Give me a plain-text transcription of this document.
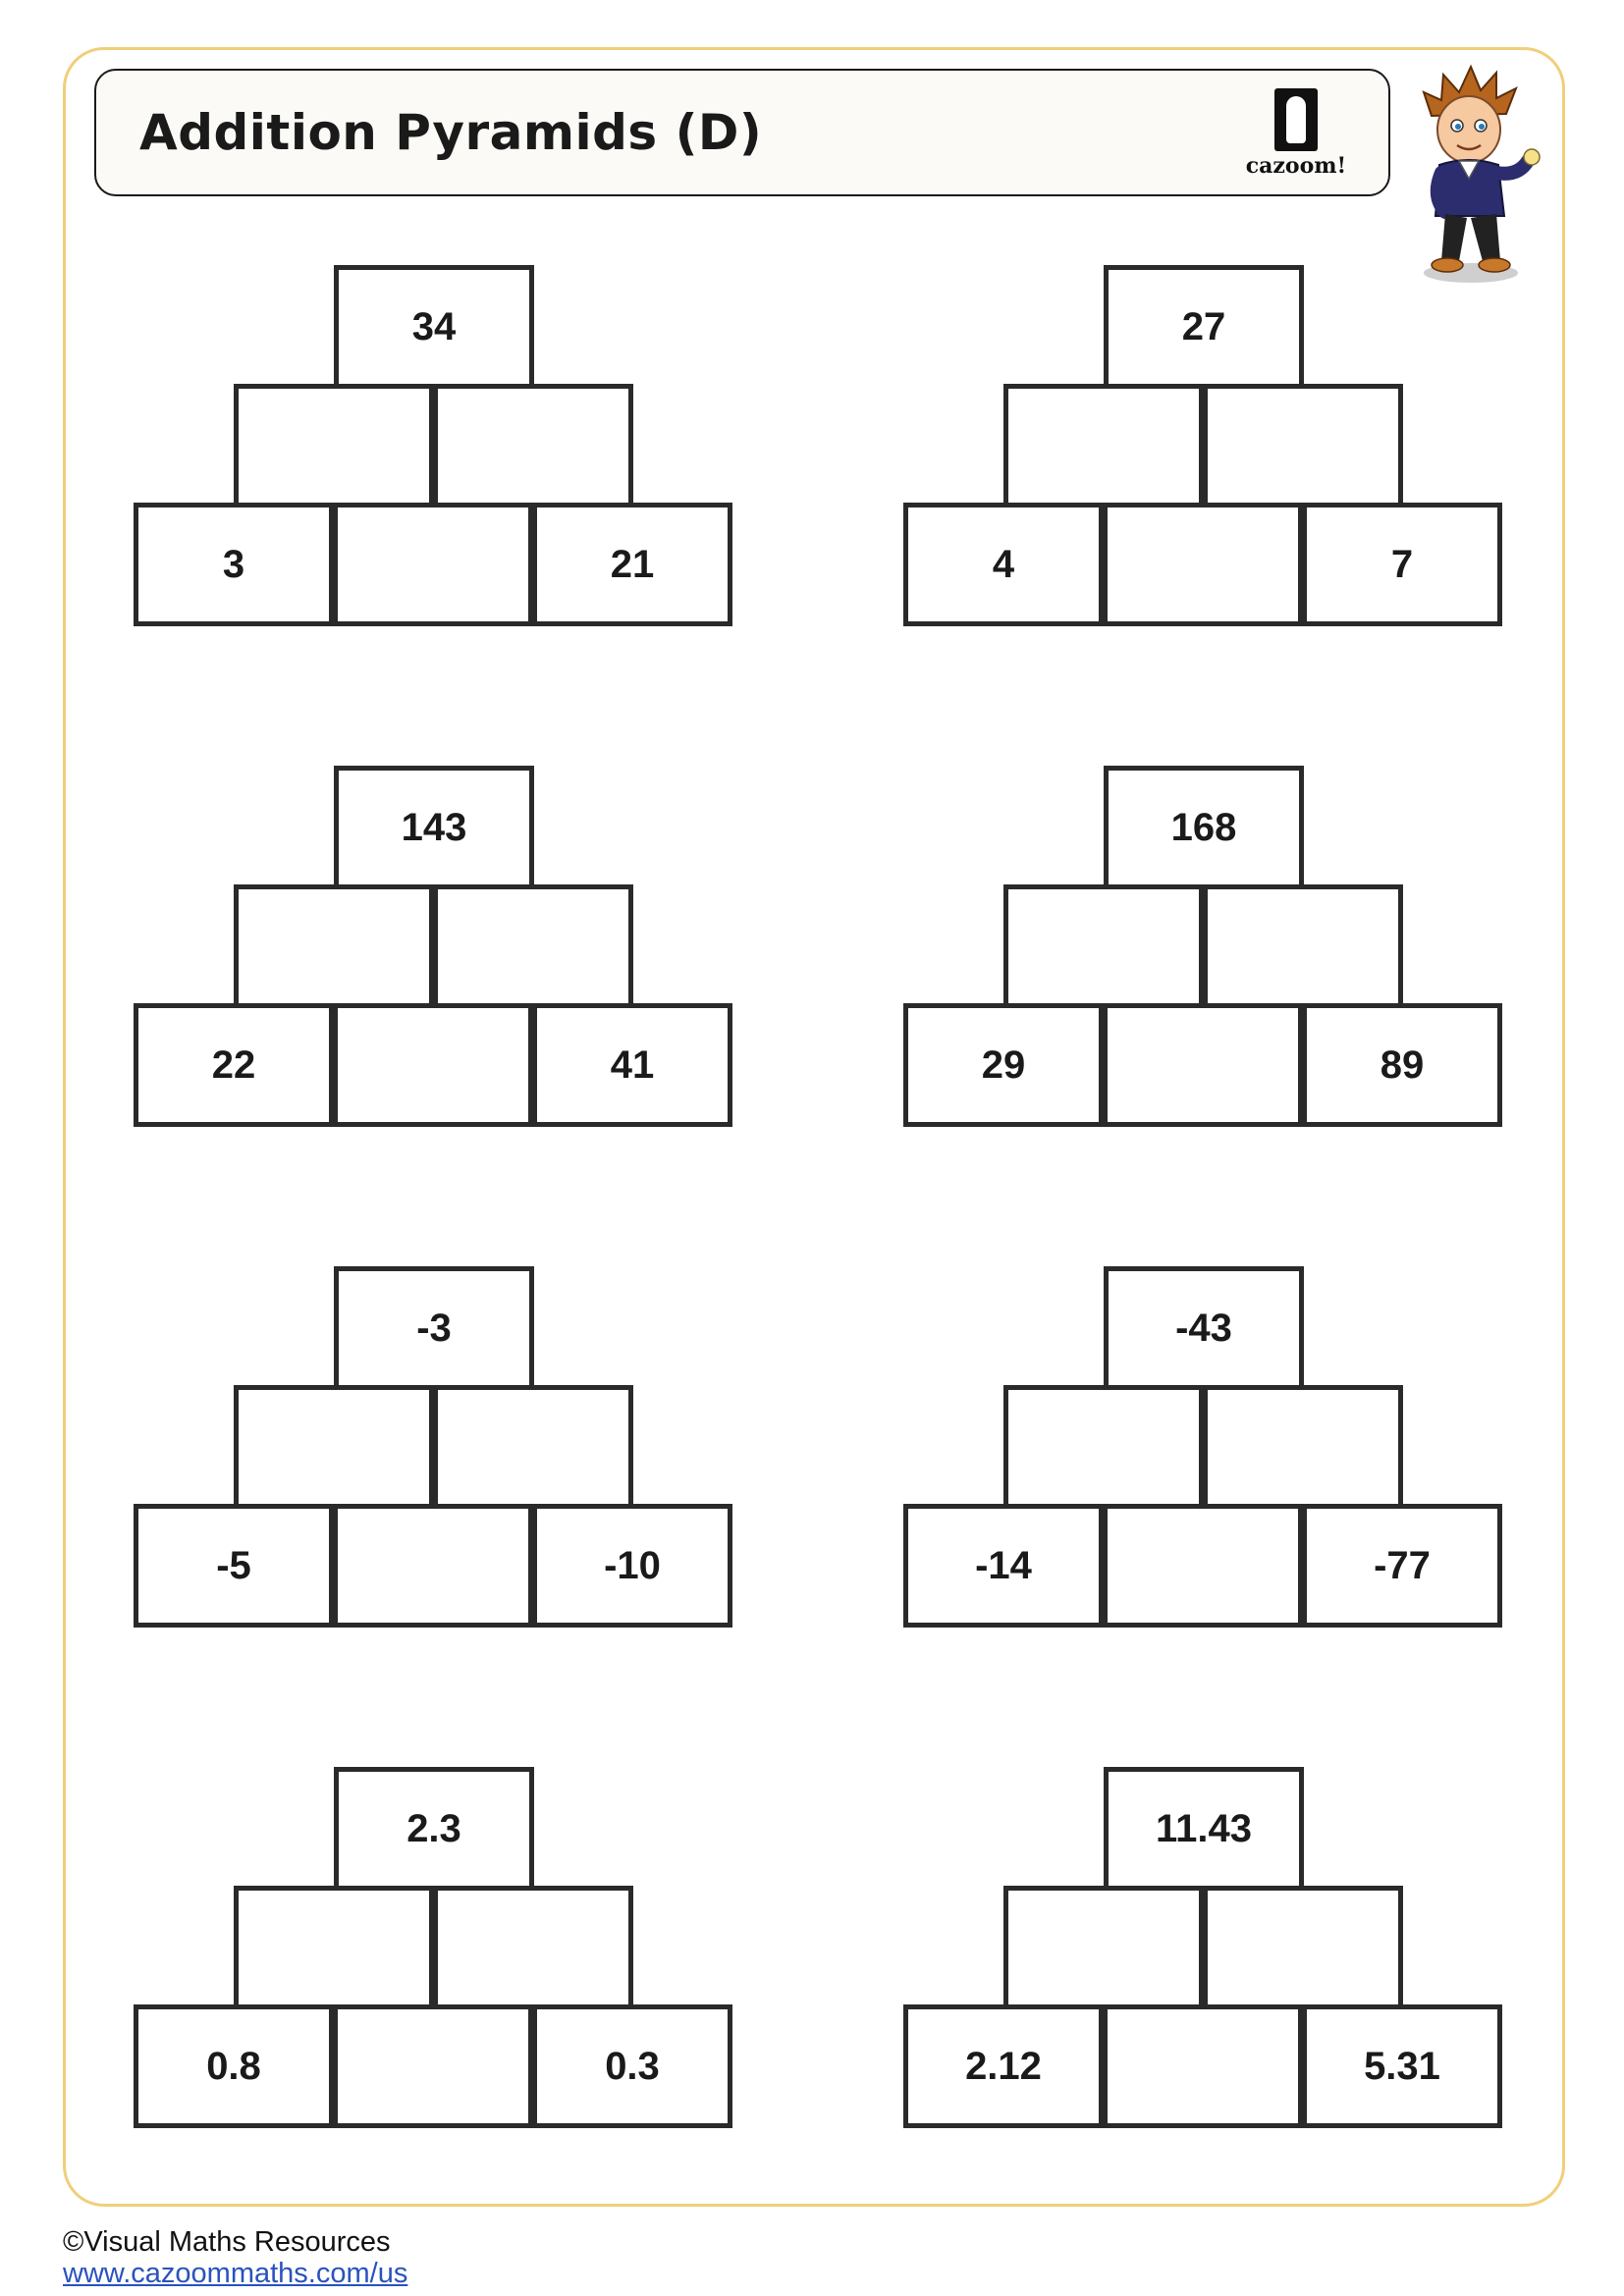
Addition Pyramids (D)
cazoom!
34
3	21
27
4	7
143
22	41
168
29	89
-3
-5	-10
-43
-14	-77
2.3
0.8	0.3
11.43
2.12	5.31
©Visual Maths Resources
www.cazoommaths.com/us
